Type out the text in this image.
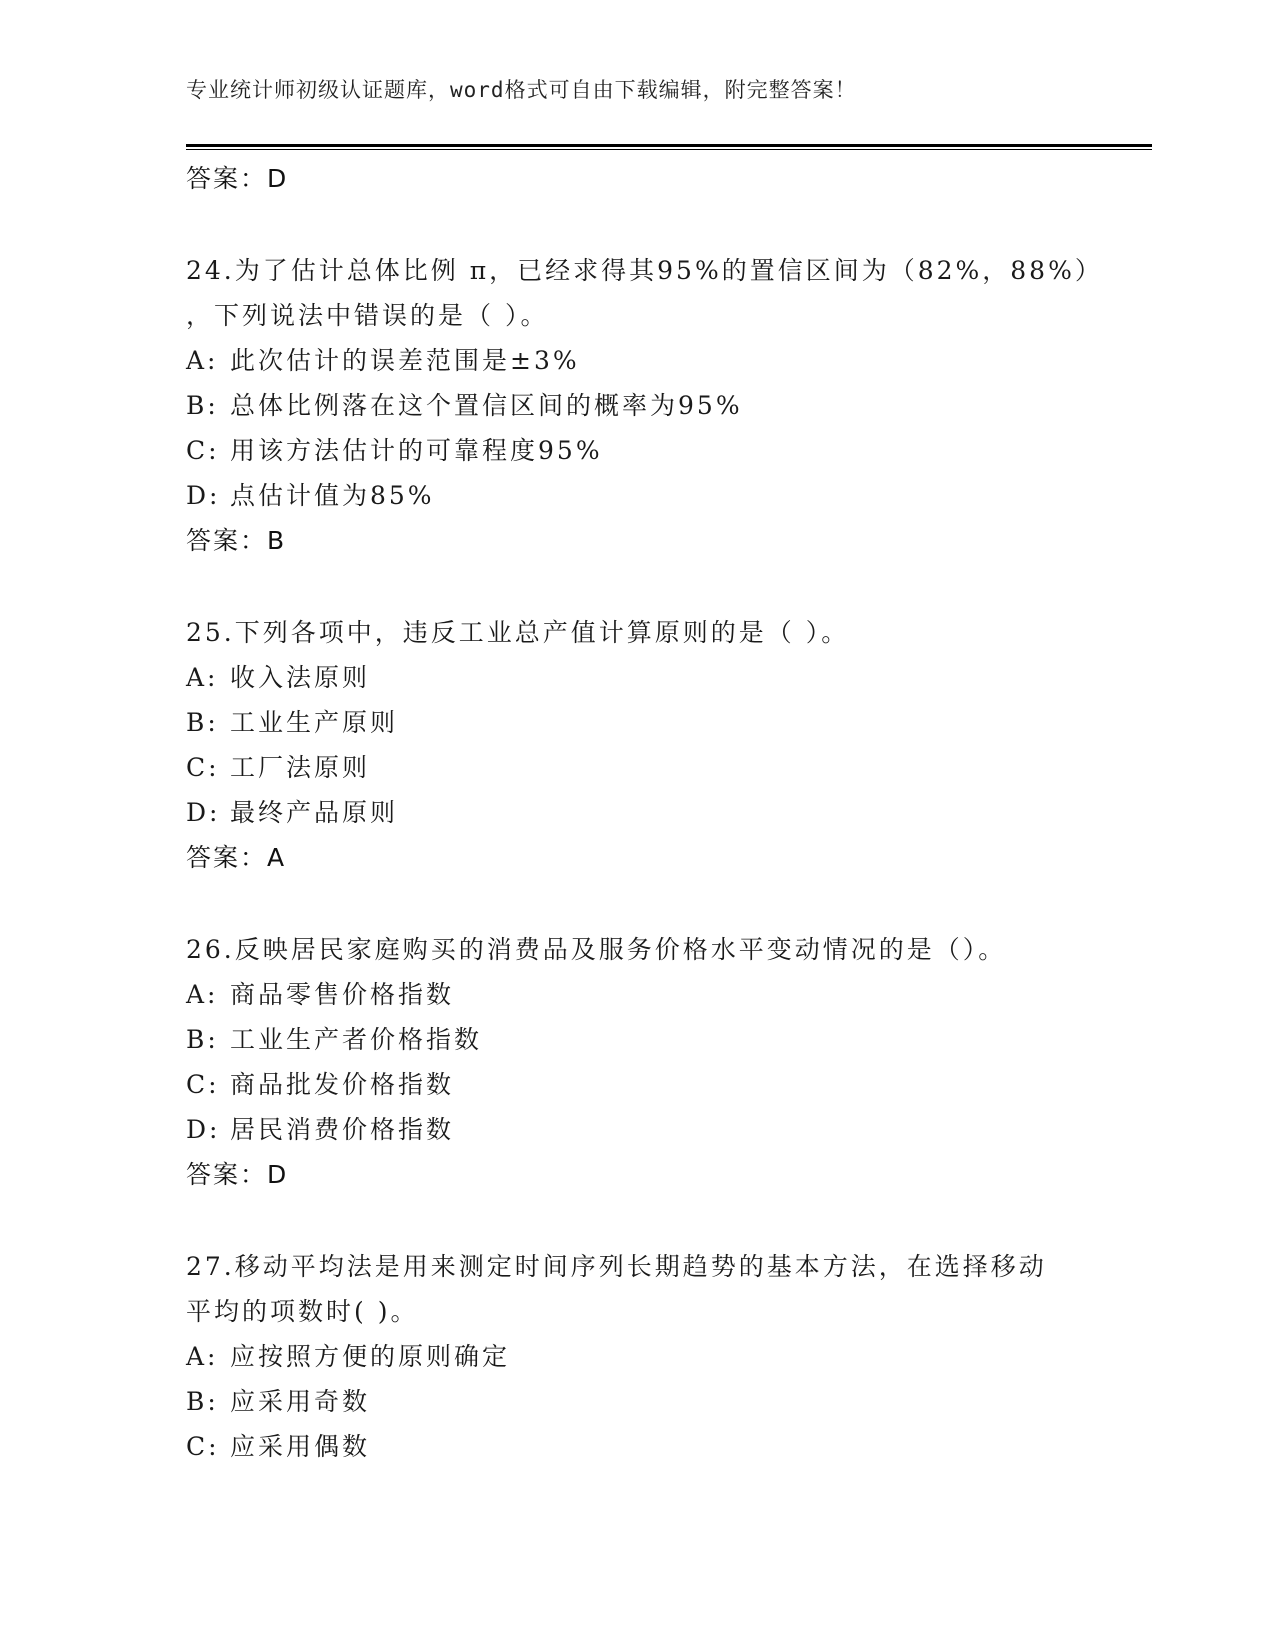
专业统计师初级认证题库，word格式可自由下载编辑，附完整答案！
答案：D
24.为了估计总体比例 π，已经求得其95%的置信区间为（82%，88%）
，下列说法中错误的是（ ）。
A: 此次估计的误差范围是±3%
B: 总体比例落在这个置信区间的概率为95%
C: 用该方法估计的可靠程度95%
D: 点估计值为85%
答案：B
25.下列各项中，违反工业总产值计算原则的是（ ）。
A: 收入法原则
B: 工业生产原则
C: 工厂法原则
D: 最终产品原则
答案：A
26.反映居民家庭购买的消费品及服务价格水平变动情况的是（）。
A: 商品零售价格指数
B: 工业生产者价格指数
C: 商品批发价格指数
D: 居民消费价格指数
答案：D
27.移动平均法是用来测定时间序列长期趋势的基本方法，在选择移动
平均的项数时( )。
A: 应按照方便的原则确定
B: 应采用奇数
C: 应采用偶数
